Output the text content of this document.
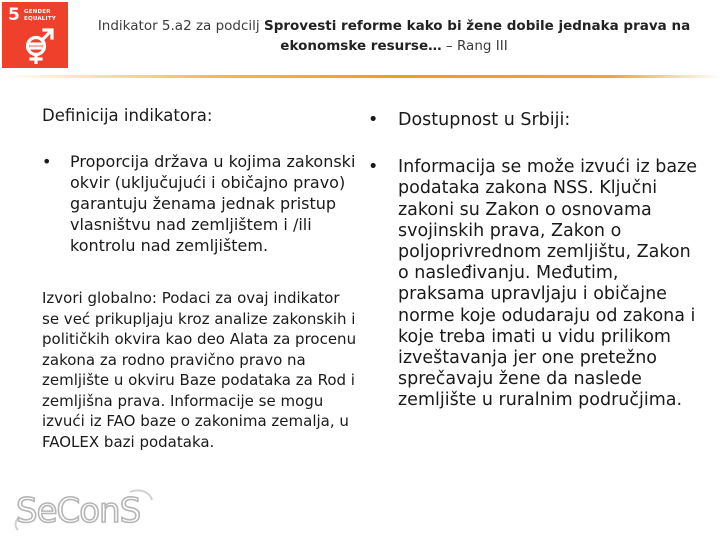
5 GENDER
EQUALITY	Indikator 5.a2 za podcilj Sprovesti reforme kako bi žene dobile jednaka prava na ekonomske resurse… – Rang III
Definicija indikatora:
• Proporcija država u kojima zakonski okvir (uključujući i običajno pravo) garantuju ženama jednak pristup vlasništvu nad zemljištem i /ili kontrolu nad zemljištem.
Izvori globalno: Podaci za ovaj indikator se već prikupljaju kroz analize zakonskih i političkih okvira kao deo Alata za procenu zakona za rodno pravično pravo na zemljište u okviru Baze podataka za Rod i zemljišna prava. Informacije se mogu izvući iz FAO baze o zakonima zemalja, u FAOLEX bazi podataka.
• Dostupnost u Srbiji:
• Informacija se može izvući iz baze podataka zakona NSS. Ključni zakoni su Zakon o osnovama svojinskih prava, Zakon o poljoprivrednom zemljištu, Zakon o nasleđivanju. Međutim, praksama upravljaju i običajne norme koje odudaraju od zakona i koje treba imati u vidu prilikom izveštavanja jer one pretežno sprečavaju žene da naslede zemljište u ruralnim područjima.
SeConS
